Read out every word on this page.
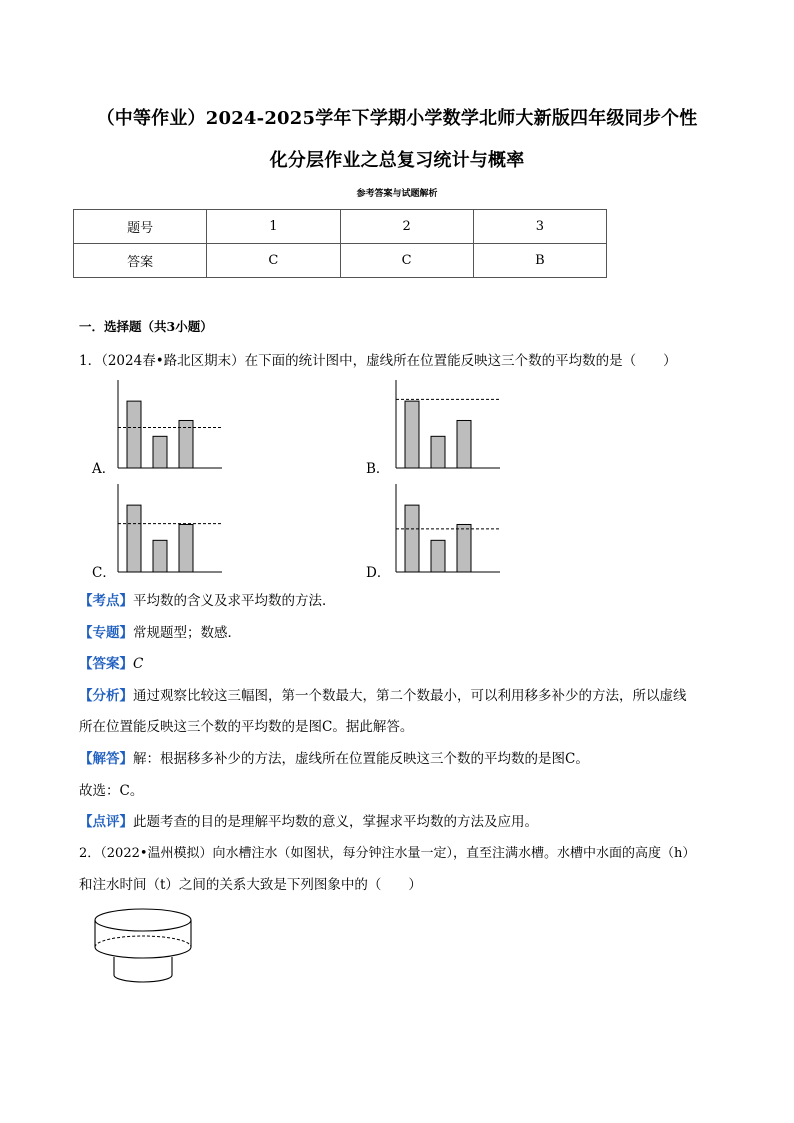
（中等作业）2024-2025学年下学期小学数学北师大新版四年级同步个性
化分层作业之总复习统计与概率
参考答案与试题解析
题号	1	2	3
答案	C	C	B
一．选择题（共3小题）
1．（2024春•路北区期末）在下面的统计图中，虚线所在位置能反映这三个数的平均数的是（　　）
A．	B．
C．	D．
【考点】平均数的含义及求平均数的方法．
【专题】常规题型；数感．
【答案】C
【分析】通过观察比较这三幅图，第一个数最大，第二个数最小，可以利用移多补少的方法，所以虚线
所在位置能反映这三个数的平均数的是图C。据此解答。
【解答】解：根据移多补少的方法，虚线所在位置能反映这三个数的平均数的是图C。
故选：C。
【点评】此题考查的目的是理解平均数的意义，掌握求平均数的方法及应用。
2．（2022•温州模拟）向水槽注水（如图状，每分钟注水量一定），直至注满水槽。水槽中水面的高度（h）
和注水时间（t）之间的关系大致是下列图象中的（　　）
